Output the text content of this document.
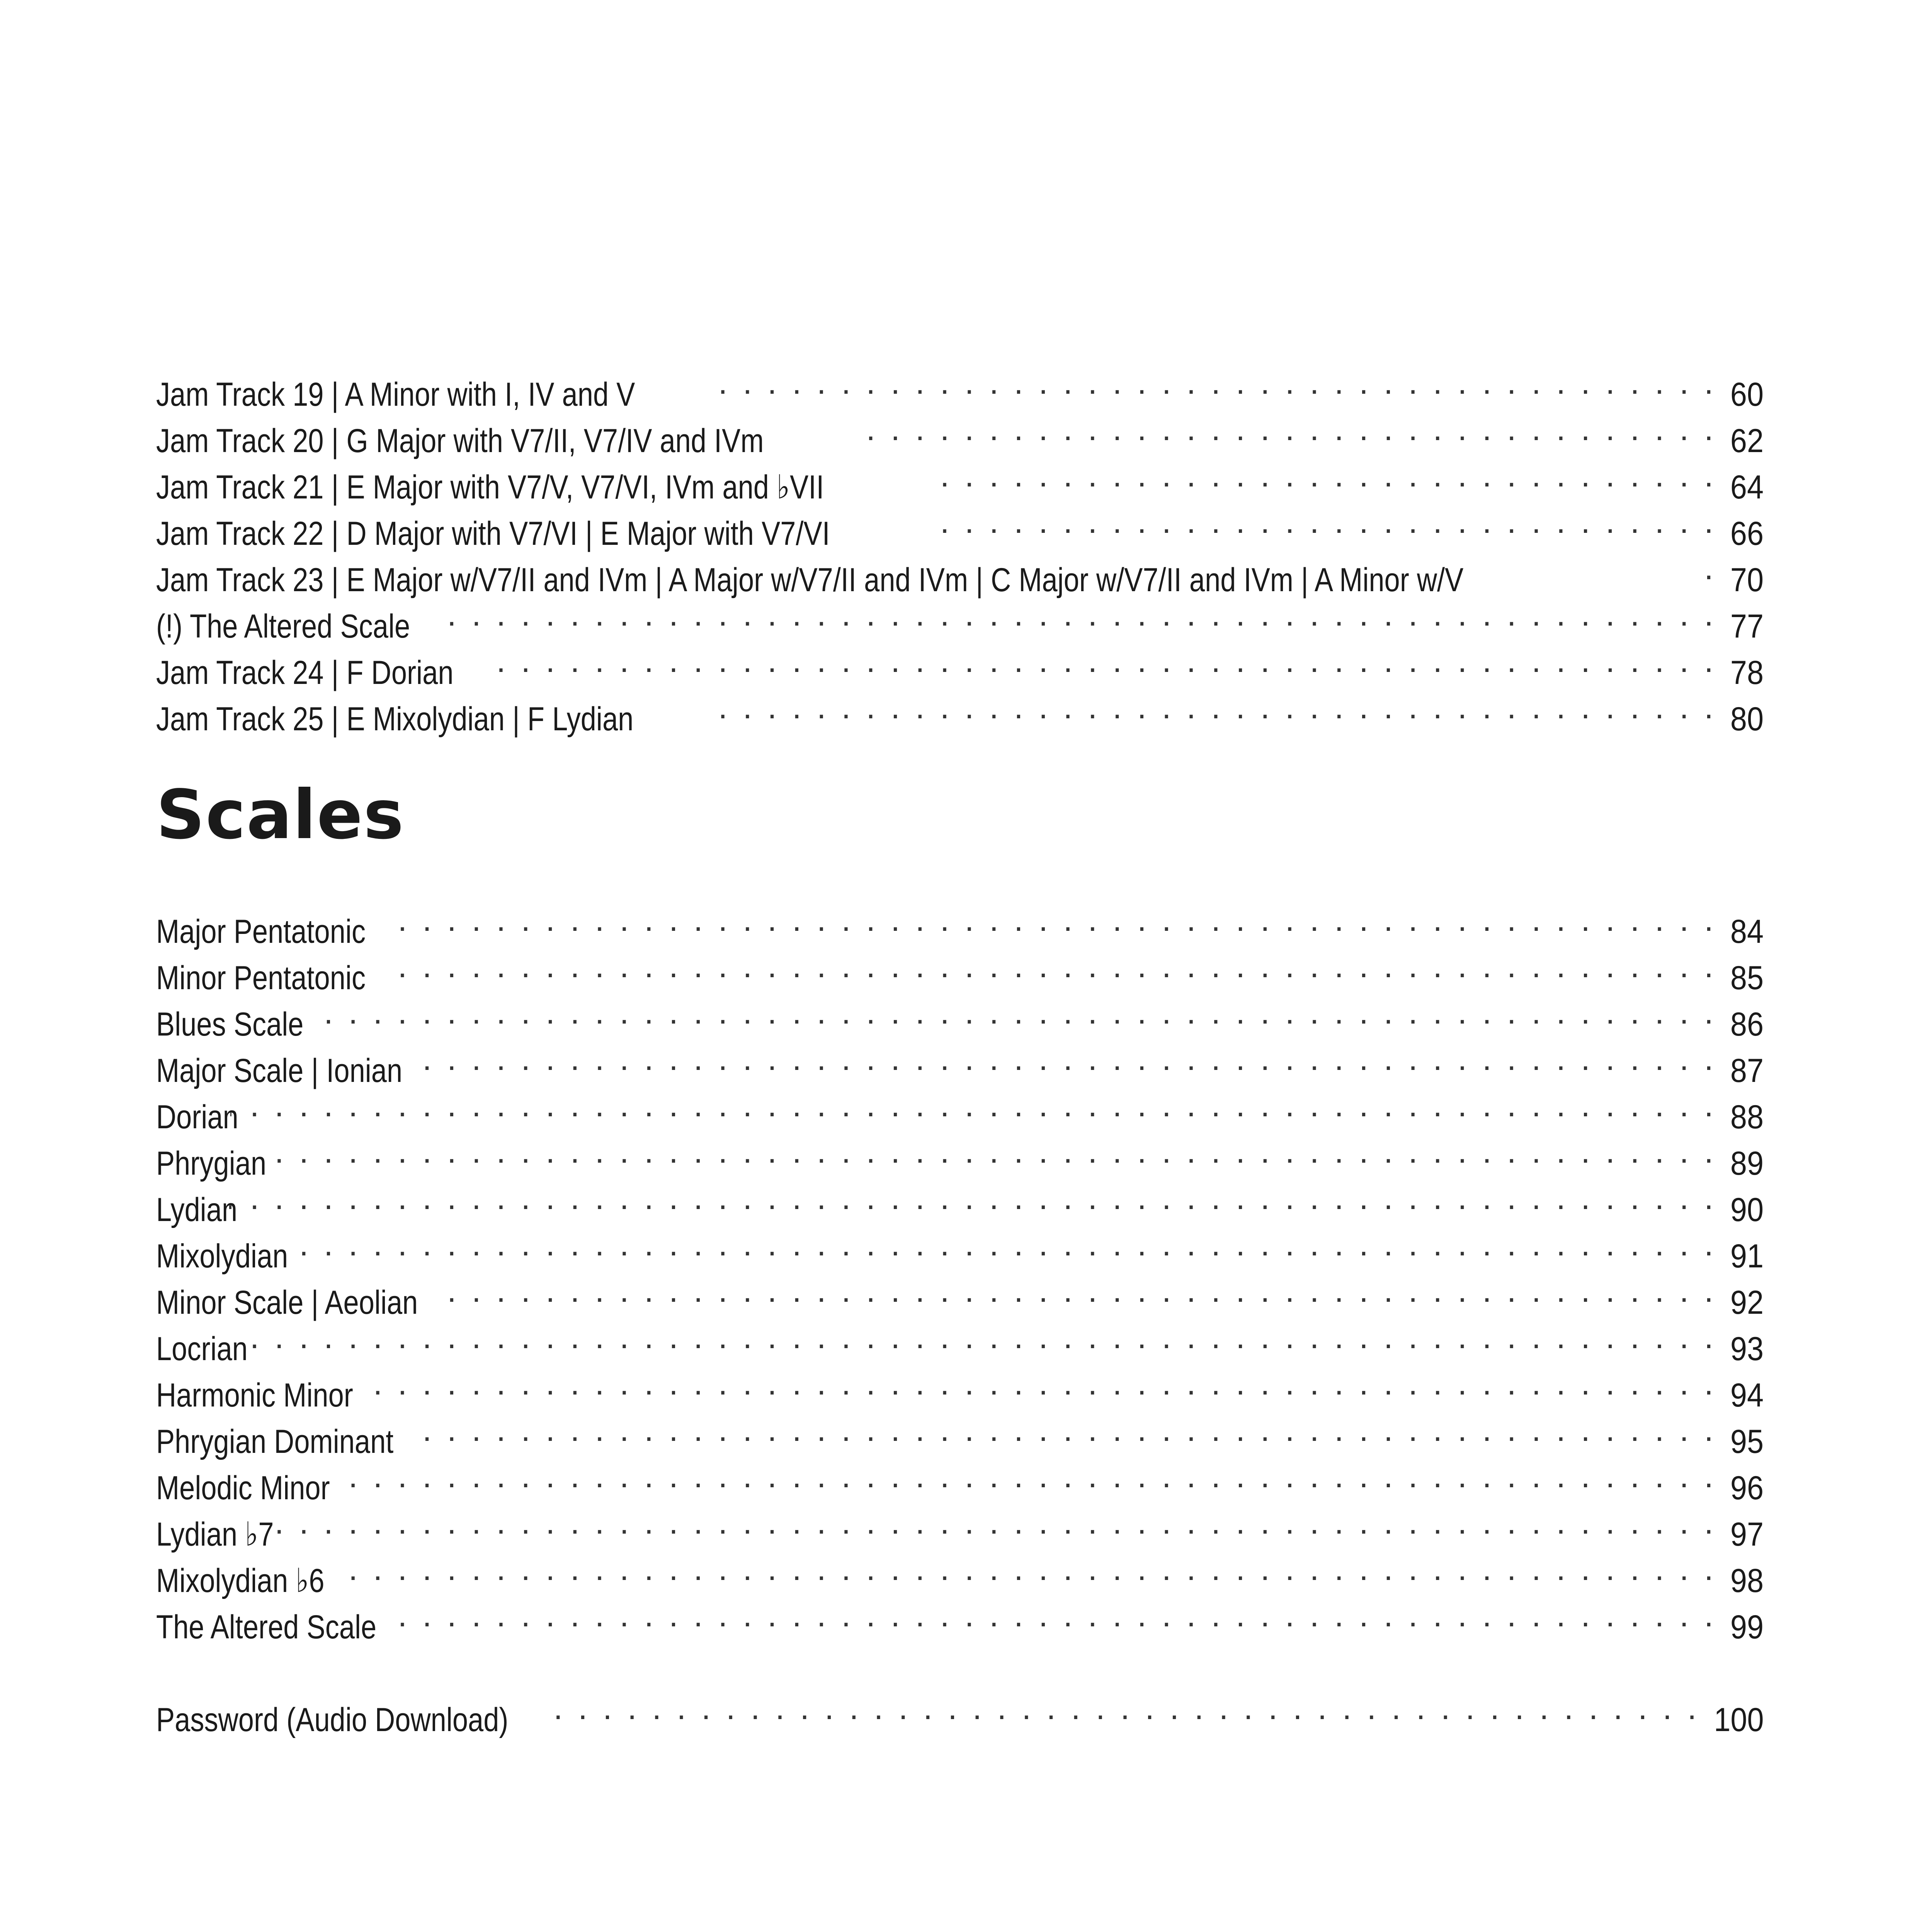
Jam Track 19 | A Minor with I, IV and V . . .	60
Jam Track 20 | G Major with V7/II, V7/IV and IVm . . .	62
Jam Track 21 | E Major with V7/V, V7/VI, IVm and ♭VII . . .	64
Jam Track 22 | D Major with V7/VI | E Major with V7/VI . . .	66
Jam Track 23 | E Major w/V7/II and IVm | A Major w/V7/II and IVm | C Major w/V7/II and IVm | A Minor w/V . . .	70
(!) The Altered Scale . . .	77
Jam Track 24 | F Dorian . . .	78
Jam Track 25 | E Mixolydian | F Lydian . . .	80
Scales
Major Pentatonic . . .	84
Minor Pentatonic . . .	85
Blues Scale . . .	86
Major Scale | Ionian . . .	87
Dorian . . .	88
Phrygian . . .	89
Lydian . . .	90
Mixolydian . . .	91
Minor Scale | Aeolian . . .	92
Locrian . . .	93
Harmonic Minor . . .	94
Phrygian Dominant . . .	95
Melodic Minor . . .	96
Lydian ♭7 . . .	97
Mixolydian ♭6 . . .	98
The Altered Scale . . .	99
Password (Audio Download) . . .	100
